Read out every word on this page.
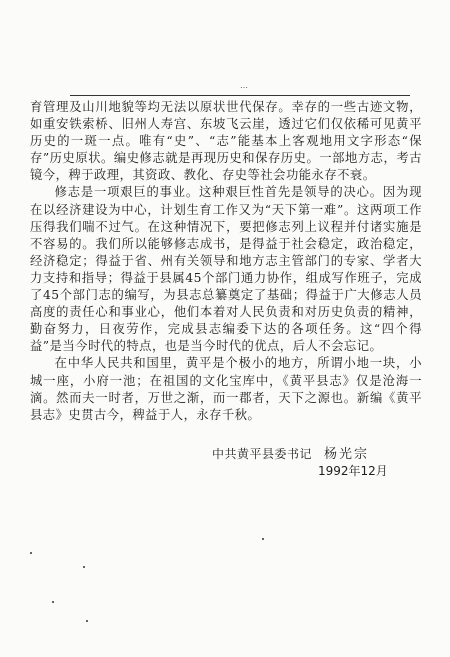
…

育管理及山川地貌等均无法以原状世代保存。幸存的一些古迹文物，如重安铁索桥、旧州人寿宫、东坡飞云崖，透过它们仅依稀可见黄平历史的一斑一点。唯有“史”、“志”能基本上客观地用文字形态“保存”历史原状。编史修志就是再现历史和保存历史。一部地方志，考古镜今，稗于政理，其资政、教化、存史等社会功能永存不衰。

修志是一项艰巨的事业。这种艰巨性首先是领导的决心。因为现在以经济建设为中心，计划生育工作又为“天下第一难”。这两项工作压得我们喘不过气。在这种情况下，要把修志列上议程并付诸实施是不容易的。我们所以能够修志成书，是得益于社会稳定，政治稳定，经济稳定；得益于省、州有关领导和地方志主管部门的专家、学者大力支持和指导；得益于县属45个部门通力协作，组成写作班子，完成了45个部门志的编写，为县志总纂奠定了基础；得益于广大修志人员高度的责任心和事业心，他们本着对人民负责和对历史负责的精神，勤奋努力，日夜劳作，完成县志编委下达的各项任务。这“四个得益”是当今时代的特点，也是当今时代的优点，后人不会忘记。

在中华人民共和国里，黄平是个极小的地方，所谓小地一块，小城一座，小府一池；在祖国的文化宝库中，《黄平县志》仅是沧海一滴。然而夫一时者，万世之渐，而一郡者，天下之源也。新编《黄平县志》史贯古今，稗益于人，永存千秋。

中共黄平县委书记 杨光宗
1992年12月
